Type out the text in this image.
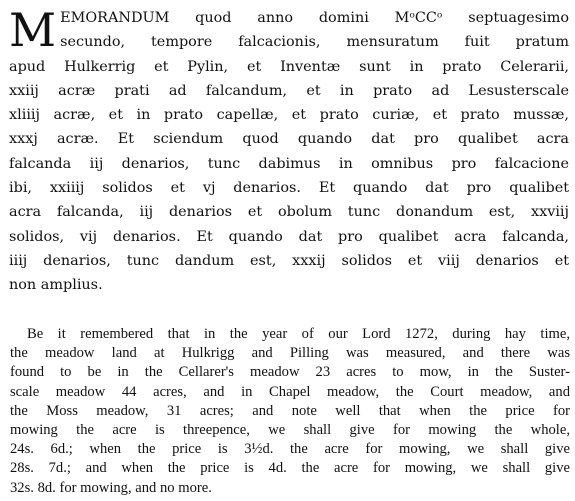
M EMORANDUM quod anno domini MᵒCCᵒ septuagesimo
secundo, tempore falcacionis, mensuratum fuit pratum
apud Hulkerrig et Pylin, et Inventæ sunt in prato Celerarii,
xxiij acræ prati ad falcandum, et in prato ad Lesusterscale
xliiij acræ, et in prato capellæ, et prato curiæ, et prato mussæ,
xxxj acræ. Et sciendum quod quando dat pro qualibet acra
falcanda iij denarios, tunc dabimus in omnibus pro falcacione
ibi, xxiiij solidos et vj denarios. Et quando dat pro qualibet
acra falcanda, iij denarios et obolum tunc donandum est, xxviij
solidos, vij denarios. Et quando dat pro qualibet acra falcanda,
iiij denarios, tunc dandum est, xxxij solidos et viij denarios et
non amplius.
Be it remembered that in the year of our Lord 1272, during hay time,
the meadow land at Hulkrigg and Pilling was measured, and there was
found to be in the Cellarer's meadow 23 acres to mow, in the Suster-
scale meadow 44 acres, and in Chapel meadow, the Court meadow, and
the Moss meadow, 31 acres; and note well that when the price for
mowing the acre is threepence, we shall give for mowing the whole,
24s. 6d.; when the price is 3½d. the acre for mowing, we shall give
28s. 7d.; and when the price is 4d. the acre for mowing, we shall give
32s. 8d. for mowing, and no more.
